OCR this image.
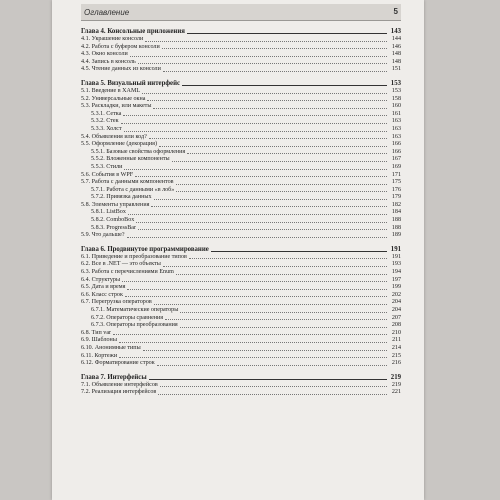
Оглавление	5
Глава 4. Консольные приложения	143
4.1. Украшение консоли	144
4.2. Работа с буфером консоли	146
4.3. Окно консоли	148
4.4. Запись в консоль	148
4.5. Чтение данных из консоли	151
Глава 5. Визуальный интерфейс	153
5.1. Введение в XAML	153
5.2. Универсальные окна	158
5.3. Раскладки, или макеты	160
5.3.1. Сетка	161
5.3.2. Стек	163
5.3.3. Холст	163
5.4. Объявления или код?	163
5.5. Оформление (декорация)	166
5.5.1. Базовые свойства оформления	166
5.5.2. Вложенные компоненты	167
5.5.3. Стили	169
5.6. События в WPF	171
5.7. Работа с данными компонентов	175
5.7.1. Работа с данными «в лоб»	176
5.7.2. Привязка данных	179
5.8. Элементы управления	182
5.8.1. ListBox	184
5.8.2. ComboBox	188
5.8.3. ProgressBar	188
5.9. Что дальше?	189
Глава 6. Продвинутое программирование	191
6.1. Приведение и преобразование типов	191
6.2. Все в .NET — это объекты	193
6.3. Работа с перечислениями Enum	194
6.4. Структуры	197
6.5. Дата и время	199
6.6. Класс строк	202
6.7. Перегрузка операторов	204
6.7.1. Математические операторы	204
6.7.2. Операторы сравнения	207
6.7.3. Операторы преобразования	208
6.8. Тип var	210
6.9. Шаблоны	211
6.10. Анонимные типы	214
6.11. Кортежи	215
6.12. Форматирование строк	216
Глава 7. Интерфейсы	219
7.1. Объявление интерфейсов	219
7.2. Реализация интерфейсов	221
